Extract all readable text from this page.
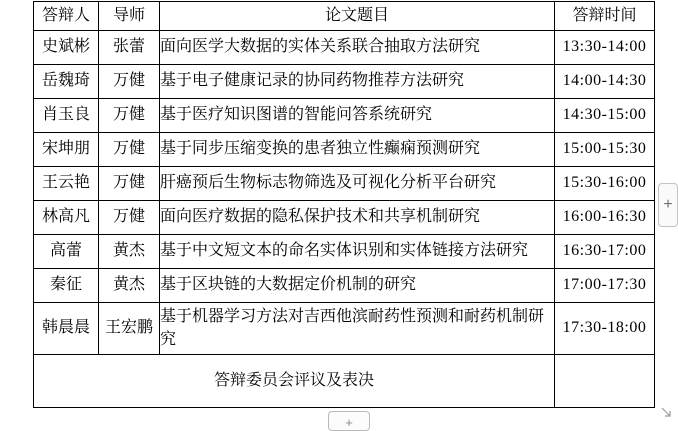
答辩人	导师	论文题目	答辩时间
史斌彬	张蕾	面向医学大数据的实体关系联合抽取方法研究	13:30-14:00
岳魏琦	万健	基于电子健康记录的协同药物推荐方法研究	14:00-14:30
肖玉良	万健	基于医疗知识图谱的智能问答系统研究	14:30-15:00
宋坤朋	万健	基于同步压缩变换的患者独立性癫痫预测研究	15:00-15:30
王云艳	万健	肝癌预后生物标志物筛选及可视化分析平台研究	15:30-16:00
林高凡	万健	面向医疗数据的隐私保护技术和共享机制研究	16:00-16:30
高蕾	黄杰	基于中文短文本的命名实体识别和实体链接方法研究	16:30-17:00
秦征	黄杰	基于区块链的大数据定价机制的研究	17:00-17:30
韩晨晨	王宏鹏	基于机器学习方法对吉西他滨耐药性预测和耐药机制研究	17:30-18:00
答辩委员会评议及表决			
+
+
